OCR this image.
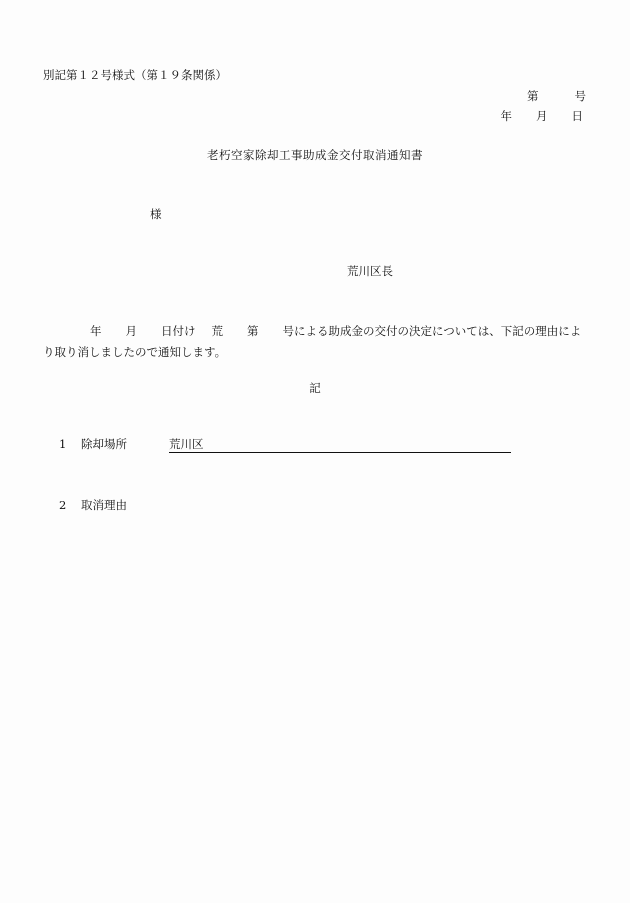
別記第１２号様式（第１９条関係）
第	号
年 月 日
老朽空家除却工事助成金交付取消通知書
様
荒川区長
年 月 日付け 荒 第 号による助成金の交付の決定については、下記の理由により取り消しましたので通知します。
記
1 除却場所	荒川区
2 取消理由
